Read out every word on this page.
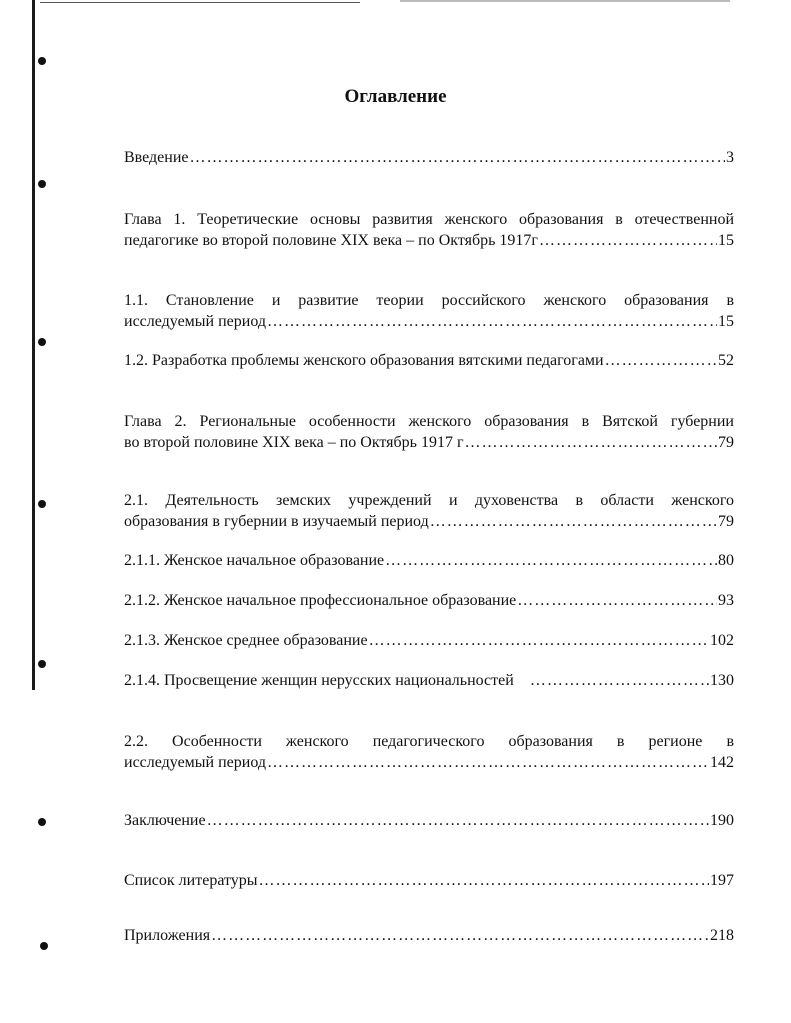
Оглавление
Введение ……………………………………………………………………………………………………………………………………	3
Глава 1. Теоретические основы развития женского образования в отечественной
педагогике во второй половине XIX века – по Октябрь 1917г ……………………………………………………………………………………………………………………………………	15
1.1. Становление и развитие теории российского женского образования в
исследуемый период ……………………………………………………………………………………………………………………………………	15
1.2. Разработка проблемы женского образования вятскими педагогами ……………………………………………………………………………………………………………………………………	52
Глава 2. Региональные особенности женского образования в Вятской губернии
во второй половине XIX века – по Октябрь 1917 г ……………………………………………………………………………………………………………………………………	79
2.1. Деятельность земских учреждений и духовенства в области женского
образования в губернии в изучаемый период ……………………………………………………………………………………………………………………………………	79
2.1.1. Женское начальное образование ……………………………………………………………………………………………………………………………………	80
2.1.2. Женское начальное профессиональное образование ……………………………………………………………………………………………………………………………………	93
2.1.3. Женское среднее образование ……………………………………………………………………………………………………………………………………	102
2.1.4. Просвещение женщин нерусских национальностей ……………………………………………………………………………………………………………………………………	130
2.2. Особенности женского педагогического образования в регионе в
исследуемый период ……………………………………………………………………………………………………………………………………	142
Заключение ……………………………………………………………………………………………………………………………………	190
Список литературы ……………………………………………………………………………………………………………………………………	197
Приложения ……………………………………………………………………………………………………………………………………	218
